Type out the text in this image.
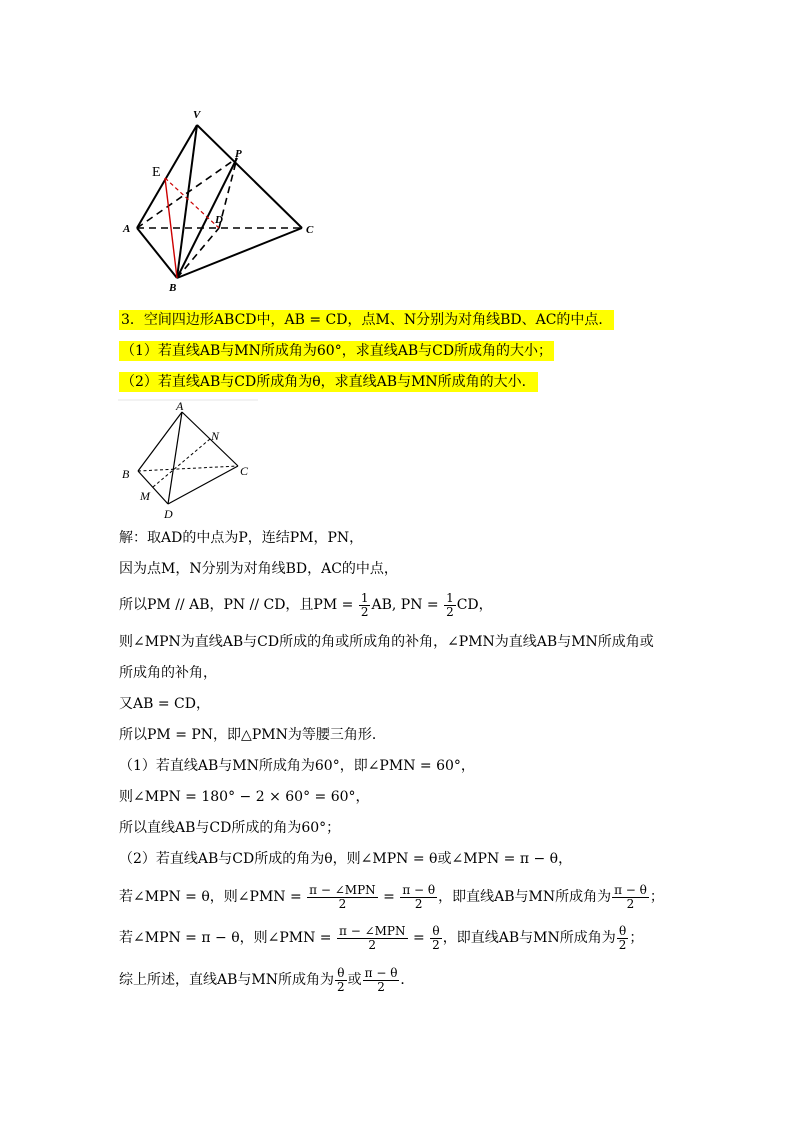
V
P
E
A
D
C
B
3．空间四边形ABCD中，AB = CD，点M、N分别为对角线BD、AC的中点．
（1）若直线AB与MN所成角为60°，求直线AB与CD所成角的大小；
（2）若直线AB与CD所成角为θ，求直线AB与MN所成角的大小．
A
N
B	C
M
D
解：取AD的中点为P，连结PM，PN，
因为点M，N分别为对角线BD，AC的中点，
所以PM // AB，PN // CD，且PM = $\frac{1}{2}$ AB, PN = $\frac{1}{2}$ CD，
则∠MPN为直线AB与CD所成的角或所成角的补角，∠PMN为直线AB与MN所成角或
所成角的补角，
又AB = CD，
所以PM = PN，即△PMN为等腰三角形．
（1）若直线AB与MN所成角为60°，即∠PMN = 60°，
则∠MPN = 180° − 2 × 60° = 60°，
所以直线AB与CD所成的角为60°；
（2）若直线AB与CD所成的角为θ，则∠MPN = θ或∠MPN = π − θ，
若∠MPN = θ，则∠PMN = $\frac{\text{π − ∠MPN}}{2} = \frac{\pi - \theta}{2}$ ，即直线AB与MN所成角为 $\frac{\pi - \theta}{2}$ ；
若∠MPN = π − θ，则∠PMN = $\frac{\text{π − ∠MPN}}{2} = \frac{\theta}{2}$ ，即直线AB与MN所成角为 $\frac{\theta}{2}$ ；
综上所述，直线AB与MN所成角为 $\frac{\theta}{2}$ 或 $\frac{\pi - \theta}{2}$ ．
